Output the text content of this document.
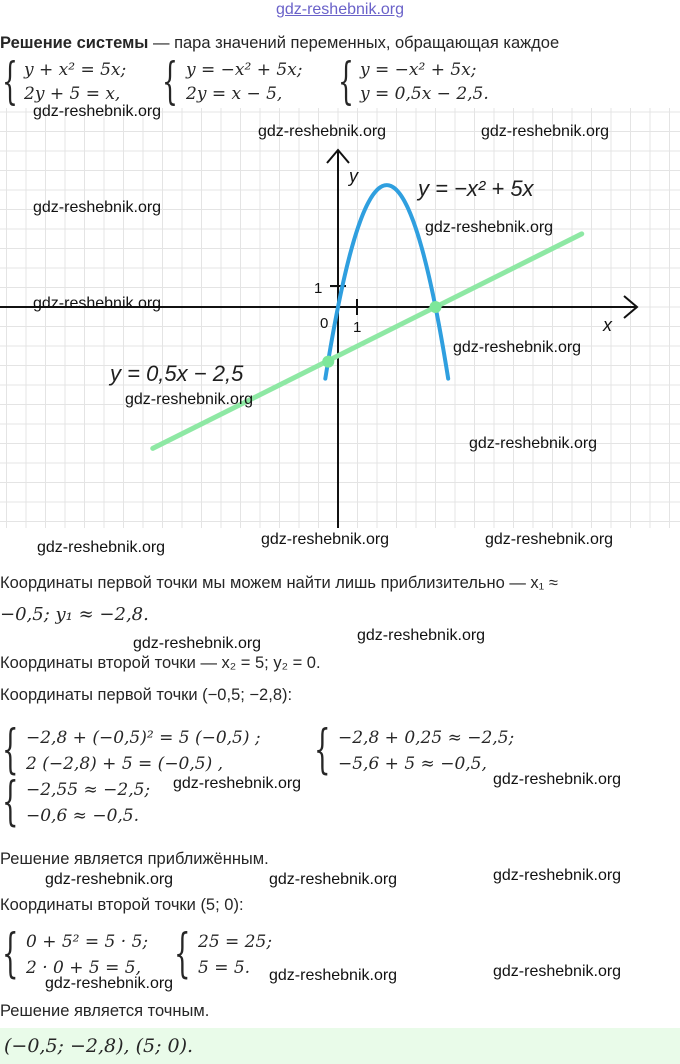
gdz-reshebnik.org
Решение системы — пара значений переменных, обращающая каждое
{ y + x² = 5x;
2y + 5 = x, { y = −x² + 5x;
2y = x − 5, { y = −x² + 5x;
y = 0,5x − 2,5.
x
y
0 1
1
y = −x² + 5x
y = 0,5x − 2,5
Координаты первой точки мы можем найти лишь приблизительно — x₁ ≈
−0,5; y₁ ≈ −2,8.
Координаты второй точки — x₂ = 5; y₂ = 0.
Координаты первой точки (−0,5; −2,8):
{ −2,8 + (−0,5)² = 5 (−0,5) ;
2 (−2,8) + 5 = (−0,5) , { −2,8 + 0,25 ≈ −2,5;
−5,6 + 5 ≈ −0,5,
{ −2,55 ≈ −2,5;
−0,6 ≈ −0,5.
Решение является приближённым.
Координаты второй точки (5; 0):
{ 0 + 5² = 5 · 5;
2 · 0 + 5 = 5, { 25 = 25;
5 = 5.
Решение является точным.
(−0,5; −2,8), (5; 0).
gdz-reshebnik.org
gdz-reshebnik.org	gdz-reshebnik.org
gdz-reshebnik.org
gdz-reshebnik.org
gdz-reshebnik.org
gdz-reshebnik.org
gdz-reshebnik.org
gdz-reshebnik.org
gdz-reshebnik.org	gdz-reshebnik.org	gdz-reshebnik.org
gdz-reshebnik.org	gdz-reshebnik.org
gdz-reshebnik.org	gdz-reshebnik.org
gdz-reshebnik.org	gdz-reshebnik.org	gdz-reshebnik.org
gdz-reshebnik.org	gdz-reshebnik.org	gdz-reshebnik.org
